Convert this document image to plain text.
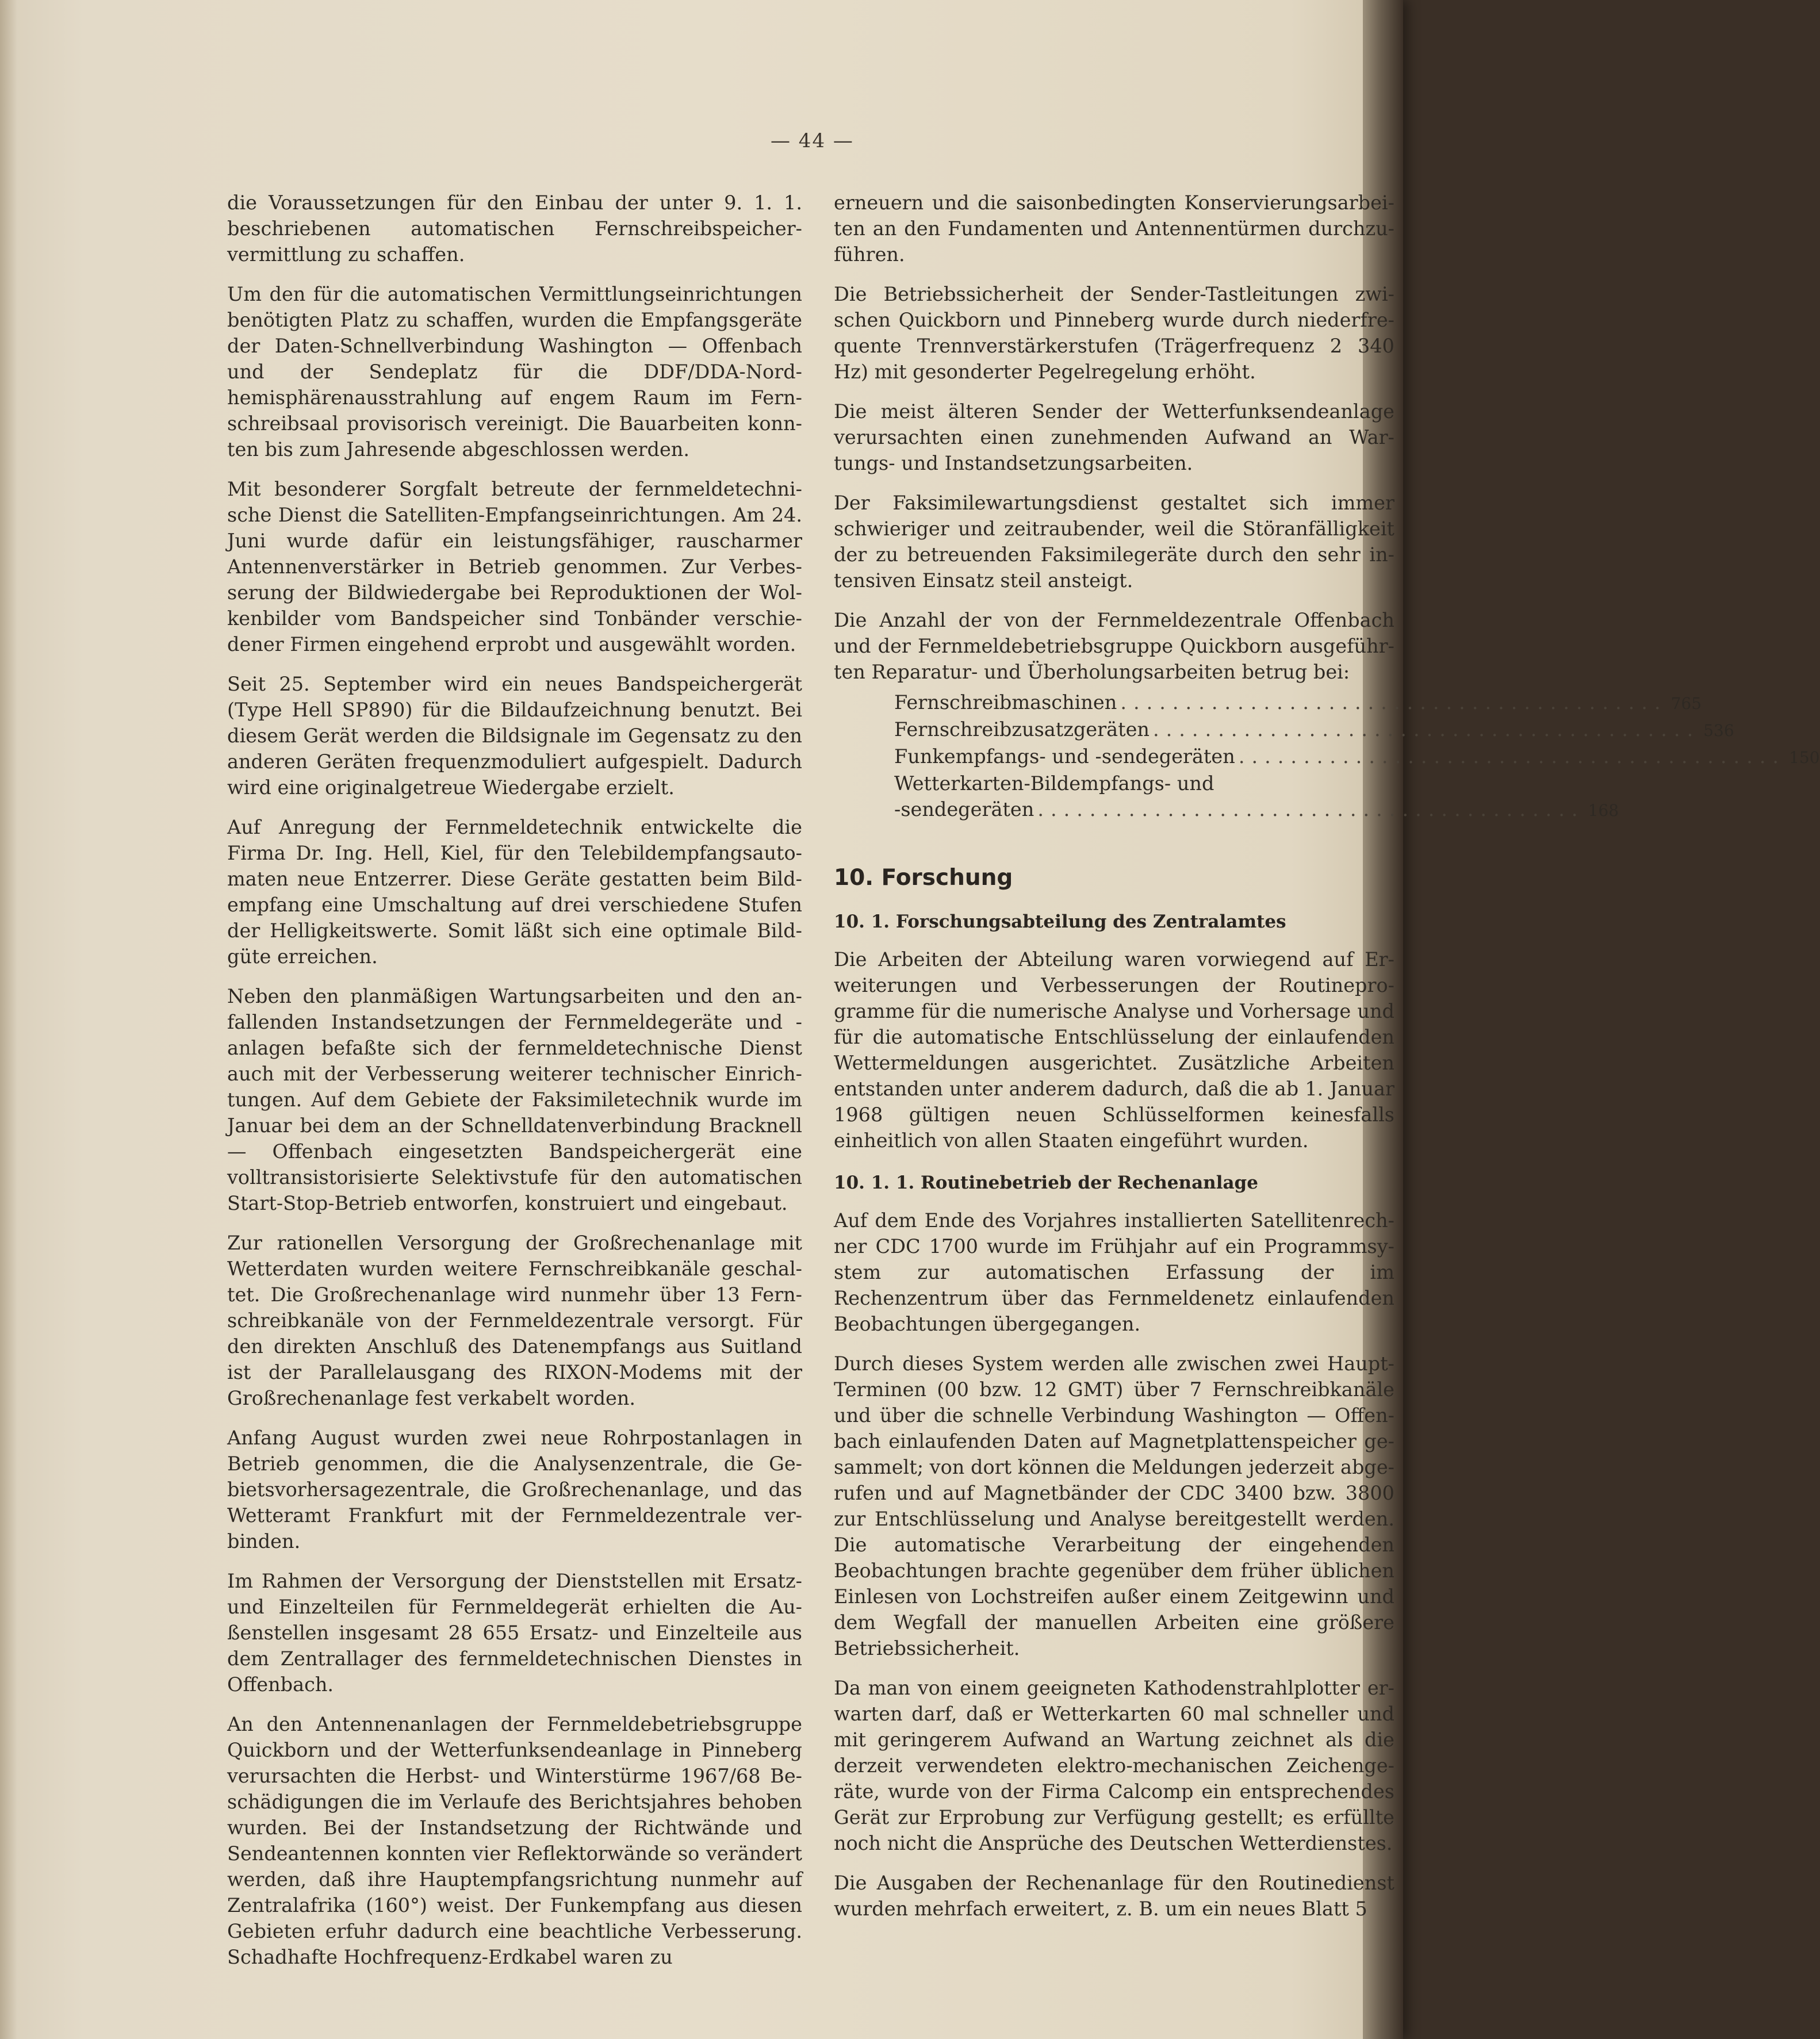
— 44 —

die Voraussetzungen für den Einbau der unter 9. 1. 1. beschriebenen automatischen Fernschreibspeichervermittlung zu schaffen.

Um den für die automatischen Vermittlungseinrichtungen benötigten Platz zu schaffen, wurden die Empfangsgeräte der Daten-Schnellverbindung Washington — Offenbach und der Sendeplatz für die DDF/DDA-Nordhemisphärenausstrahlung auf engem Raum im Fernschreibsaal provisorisch vereinigt. Die Bauarbeiten konnten bis zum Jahresende abgeschlossen werden.

Mit besonderer Sorgfalt betreute der fernmeldetechnische Dienst die Satelliten-Empfangseinrichtungen. Am 24. Juni wurde dafür ein leistungsfähiger, rauscharmer Antennenverstärker in Betrieb genommen. Zur Verbesserung der Bildwiedergabe bei Reproduktionen der Wolkenbilder vom Bandspeicher sind Tonbänder verschiedener Firmen eingehend erprobt und ausgewählt worden.

Seit 25. September wird ein neues Bandspeichergerät (Type Hell SP890) für die Bildaufzeichnung benutzt. Bei diesem Gerät werden die Bildsignale im Gegensatz zu den anderen Geräten frequenzmoduliert aufgespielt. Dadurch wird eine originalgetreue Wiedergabe erzielt.

Auf Anregung der Fernmeldetechnik entwickelte die Firma Dr. Ing. Hell, Kiel, für den Telebildempfangsautomaten neue Entzerrer. Diese Geräte gestatten beim Bildempfang eine Umschaltung auf drei verschiedene Stufen der Helligkeitswerte. Somit läßt sich eine optimale Bildgüte erreichen.

Neben den planmäßigen Wartungsarbeiten und den anfallenden Instandsetzungen der Fernmeldegeräte und -anlagen befaßte sich der fernmeldetechnische Dienst auch mit der Verbesserung weiterer technischer Einrichtungen. Auf dem Gebiete der Faksimiletechnik wurde im Januar bei dem an der Schnelldatenverbindung Bracknell — Offenbach eingesetzten Bandspeichergerät eine volltransistorisierte Selektivstufe für den automatischen Start-Stop-Betrieb entworfen, konstruiert und eingebaut.

Zur rationellen Versorgung der Großrechenanlage mit Wetterdaten wurden weitere Fernschreibkanäle geschaltet. Die Großrechenanlage wird nunmehr über 13 Fernschreibkanäle von der Fernmeldezentrale versorgt. Für den direkten Anschluß des Datenempfangs aus Suitland ist der Parallelausgang des RIXON-Modems mit der Großrechenanlage fest verkabelt worden.

Anfang August wurden zwei neue Rohrpostanlagen in Betrieb genommen, die die Analysenzentrale, die Gebietsvorhersagezentrale, die Großrechenanlage, und das Wetteramt Frankfurt mit der Fernmeldezentrale verbinden.

Im Rahmen der Versorgung der Dienststellen mit Ersatz- und Einzelteilen für Fernmeldegerät erhielten die Außenstellen insgesamt 28 655 Ersatz- und Einzelteile aus dem Zentrallager des fernmeldetechnischen Dienstes in Offenbach.

An den Antennenanlagen der Fernmeldebetriebsgruppe Quickborn und der Wetterfunksendeanlage in Pinneberg verursachten die Herbst- und Winterstürme 1967/68 Beschädigungen die im Verlaufe des Berichtsjahres behoben wurden. Bei der Instandsetzung der Richtwände und Sendeantennen konnten vier Reflektorwände so verändert werden, daß ihre Hauptempfangsrichtung nunmehr auf Zentralafrika (160°) weist. Der Funkempfang aus diesen Gebieten erfuhr dadurch eine beachtliche Verbesserung. Schadhafte Hochfrequenz-Erdkabel waren zu

erneuern und die saisonbedingten Konservierungsarbeiten an den Fundamenten und Antennentürmen durchzuführen.

Die Betriebssicherheit der Sender-Tastleitungen zwischen Quickborn und Pinneberg wurde durch niederfrequente Trennverstärkerstufen (Trägerfrequenz 2 340 Hz) mit gesonderter Pegelregelung erhöht.

Die meist älteren Sender der Wetterfunksendeanlage verursachten einen zunehmenden Aufwand an Wartungs- und Instandsetzungsarbeiten.

Der Faksimilewartungsdienst gestaltet sich immer schwieriger und zeitraubender, weil die Störanfälligkeit der zu betreuenden Faksimilegeräte durch den sehr intensiven Einsatz steil ansteigt.

Die Anzahl der von der Fernmeldezentrale Offenbach und der Fernmeldebetriebsgruppe Quickborn ausgeführten Reparatur- und Überholungsarbeiten betrug bei:

Fernschreibmaschinen .......................................... 765
Fernschreibzusatzgeräten .......................................... 536
Funkempfangs- und -sendegeräten .......................................... 150
Wetterkarten-Bildempfangs- und
-sendegeräten .......................................... 168
10. Forschung
10. 1. Forschungsabteilung des Zentralamtes

Die Arbeiten der Abteilung waren vorwiegend auf Erweiterungen und Verbesserungen der Routineprogramme für die numerische Analyse und Vorhersage und für die automatische Entschlüsselung der einlaufenden Wettermeldungen ausgerichtet. Zusätzliche Arbeiten entstanden unter anderem dadurch, daß die ab 1. Januar 1968 gültigen neuen Schlüsselformen keinesfalls einheitlich von allen Staaten eingeführt wurden.

10. 1. 1. Routinebetrieb der Rechenanlage

Auf dem Ende des Vorjahres installierten Satellitenrechner CDC 1700 wurde im Frühjahr auf ein Programmsystem zur automatischen Erfassung der im Rechenzentrum über das Fernmeldenetz einlaufenden Beobachtungen übergegangen.

Durch dieses System werden alle zwischen zwei HauptTerminen (00 bzw. 12 GMT) über 7 Fernschreibkanäle und über die schnelle Verbindung Washington — Offenbach einlaufenden Daten auf Magnetplattenspeicher gesammelt; von dort können die Meldungen jederzeit abgerufen und auf Magnetbänder der CDC 3400 bzw. 3800 zur Entschlüsselung und Analyse bereitgestellt werden. Die automatische Verarbeitung der eingehenden Beobachtungen brachte gegenüber dem früher üblichen Einlesen von Lochstreifen außer einem Zeitgewinn und dem Wegfall der manuellen Arbeiten eine größere Betriebssicherheit.

Da man von einem geeigneten Kathodenstrahlplotter erwarten darf, daß er Wetterkarten 60 mal schneller und mit geringerem Aufwand an Wartung zeichnet als die derzeit verwendeten elektro-mechanischen Zeichengeräte, wurde von der Firma Calcomp ein entsprechendes Gerät zur Erprobung zur Verfügung gestellt; es erfüllte noch nicht die Ansprüche des Deutschen Wetterdienstes.

Die Ausgaben der Rechenanlage für den Routinedienst wurden mehrfach erweitert, z. B. um ein neues Blatt 5
